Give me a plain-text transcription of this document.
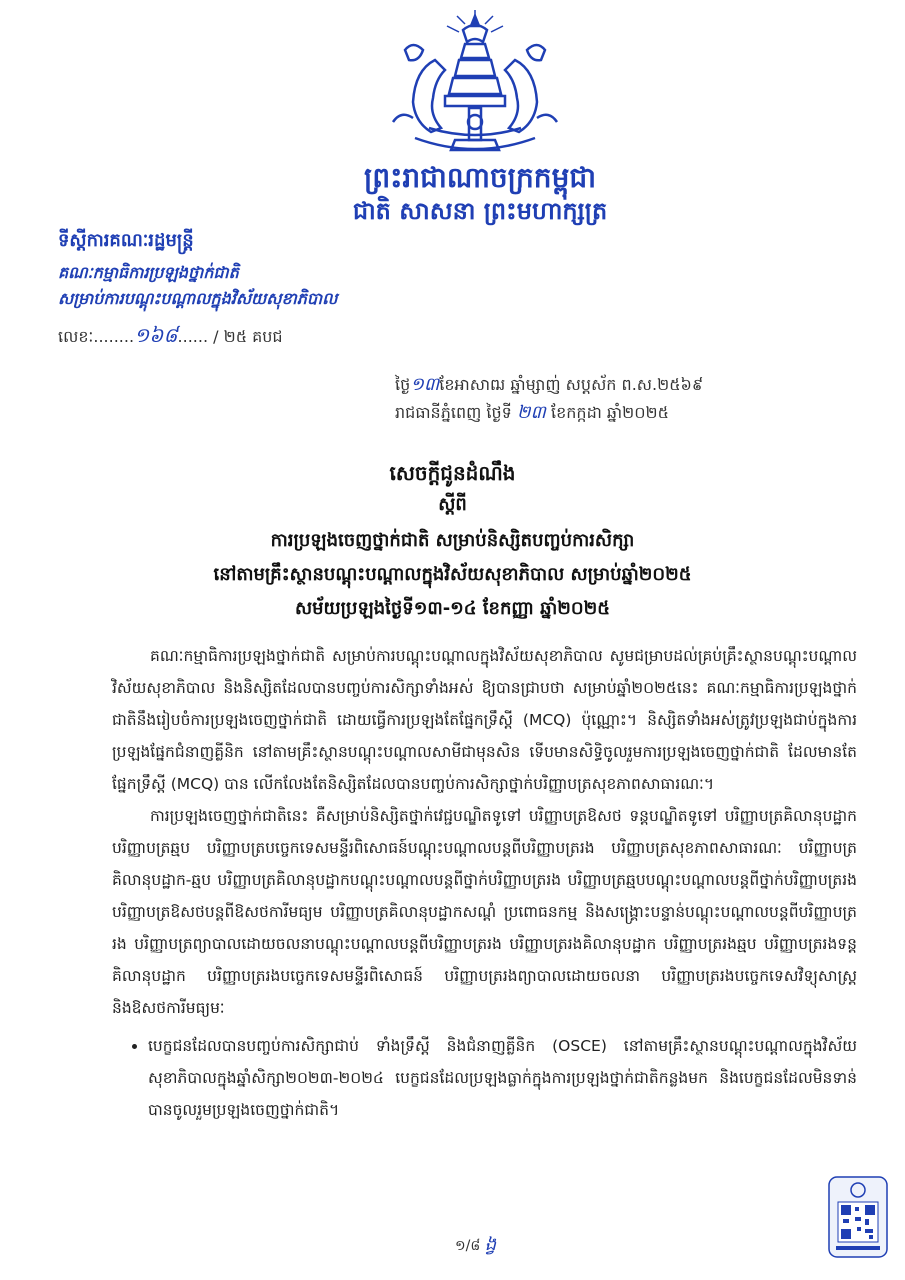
ព្រះរាជាណាចក្រកម្ពុជា
ជាតិ សាសនា ព្រះមហាក្សត្រ
ទីស្តីការគណៈរដ្ឋមន្ត្រី
គណៈកម្មាធិការប្រឡងថ្នាក់ជាតិ
សម្រាប់ការបណ្តុះបណ្តាលក្នុងវិស័យសុខាភិបាល
លេខៈ........១៦៨...... / ២៥ គបជ
ថ្ងៃ១៣ខែអាសាឍ ឆ្នាំម្សាញ់ សប្តស័ក ព.ស.២៥៦៩
រាជធានីភ្នំពេញ ថ្ងៃទី ២៣ ខែកក្កដា ឆ្នាំ២០២៥
សេចក្តីជូនដំណឹង
ស្តីពី
ការប្រឡងចេញថ្នាក់ជាតិ សម្រាប់និស្សិតបញ្ចប់ការសិក្សា
នៅតាមគ្រឹះស្ថានបណ្តុះបណ្តាលក្នុងវិស័យសុខាភិបាល សម្រាប់ឆ្នាំ២០២៥
សម័យប្រឡងថ្ងៃទី១៣-១៤ ខែកញ្ញា ឆ្នាំ២០២៥

គណៈកម្មាធិការប្រឡងថ្នាក់ជាតិ សម្រាប់ការបណ្តុះបណ្តាលក្នុងវិស័យសុខាភិបាល សូមជម្រាបដល់គ្រប់គ្រឹះស្ថានបណ្តុះបណ្តាលវិស័យសុខាភិបាល និងនិស្សិតដែលបានបញ្ចប់ការសិក្សាទាំងអស់ ឱ្យបានជ្រាបថា សម្រាប់ឆ្នាំ២០២៥នេះ គណៈកម្មាធិការប្រឡងថ្នាក់ជាតិនឹងរៀបចំការប្រឡងចេញថ្នាក់ជាតិ ដោយធ្វើការប្រឡងតែផ្នែកទ្រឹស្តី (MCQ) ប៉ុណ្ណោះ។ និស្សិតទាំងអស់ត្រូវប្រឡងជាប់ក្នុងការប្រឡងផ្នែកជំនាញគ្លីនិក នៅតាមគ្រឹះស្ថានបណ្តុះបណ្តាលសាមីជាមុនសិន ទើបមានសិទ្ធិចូលរួមការប្រឡងចេញថ្នាក់ជាតិ ដែលមានតែផ្នែកទ្រឹស្តី (MCQ) បាន លើកលែងតែនិស្សិតដែលបានបញ្ចប់ការសិក្សាថ្នាក់បរិញ្ញាបត្រសុខភាពសាធារណៈ។

ការប្រឡងចេញថ្នាក់ជាតិនេះ គឺសម្រាប់និស្សិតថ្នាក់វេជ្ជបណ្ឌិតទូទៅ បរិញ្ញាបត្រឱសថ ទន្តបណ្ឌិតទូទៅ បរិញ្ញាបត្រគិលានុបដ្ឋាក បរិញ្ញាបត្រឆ្មប បរិញ្ញាបត្របច្ចេកទេសមន្ទីរពិសោធន៍បណ្តុះបណ្តាលបន្តពីបរិញ្ញាបត្ររង បរិញ្ញាបត្រសុខភាពសាធារណៈ បរិញ្ញាបត្រគិលានុបដ្ឋាក-ឆ្មប បរិញ្ញាបត្រគិលានុបដ្ឋាកបណ្តុះបណ្តាលបន្តពីថ្នាក់បរិញ្ញាបត្ររង បរិញ្ញាបត្រឆ្មបបណ្តុះបណ្តាលបន្តពីថ្នាក់បរិញ្ញាបត្ររង បរិញ្ញាបត្រឱសថបន្តពីឱសថការីមធ្យម បរិញ្ញាបត្រគិលានុបដ្ឋាកសណ្តំ ប្រពោធនកម្ម និងសង្គ្រោះបន្ទាន់បណ្តុះបណ្តាលបន្តពីបរិញ្ញាបត្ររង បរិញ្ញាបត្រព្យាបាលដោយចលនាបណ្តុះបណ្តាលបន្តពីបរិញ្ញាបត្ររង បរិញ្ញាបត្ររងគិលានុបដ្ឋាក បរិញ្ញាបត្ររងឆ្មប បរិញ្ញាបត្ររងទន្តគិលានុបដ្ឋាក បរិញ្ញាបត្ររងបច្ចេកទេសមន្ទីរពិសោធន៍ បរិញ្ញាបត្ររងព្យាបាលដោយចលនា បរិញ្ញាបត្ររងបច្ចេកទេសវិទ្យុសាស្ត្រ និងឱសថការីមធ្យមៈ

• បេក្ខជនដែលបានបញ្ចប់ការសិក្សាជាប់ ទាំងទ្រឹស្តី និងជំនាញគ្លីនិក (OSCE) នៅតាមគ្រឹះស្ថានបណ្តុះបណ្តាលក្នុងវិស័យសុខាភិបាលក្នុងឆ្នាំសិក្សា២០២៣-២០២៤ បេក្ខជនដែលប្រឡងធ្លាក់ក្នុងការប្រឡងថ្នាក់ជាតិកន្លងមក និងបេក្ខជនដែលមិនទាន់បានចូលរួមប្រឡងចេញថ្នាក់ជាតិ។
១/៨ ង្វ
